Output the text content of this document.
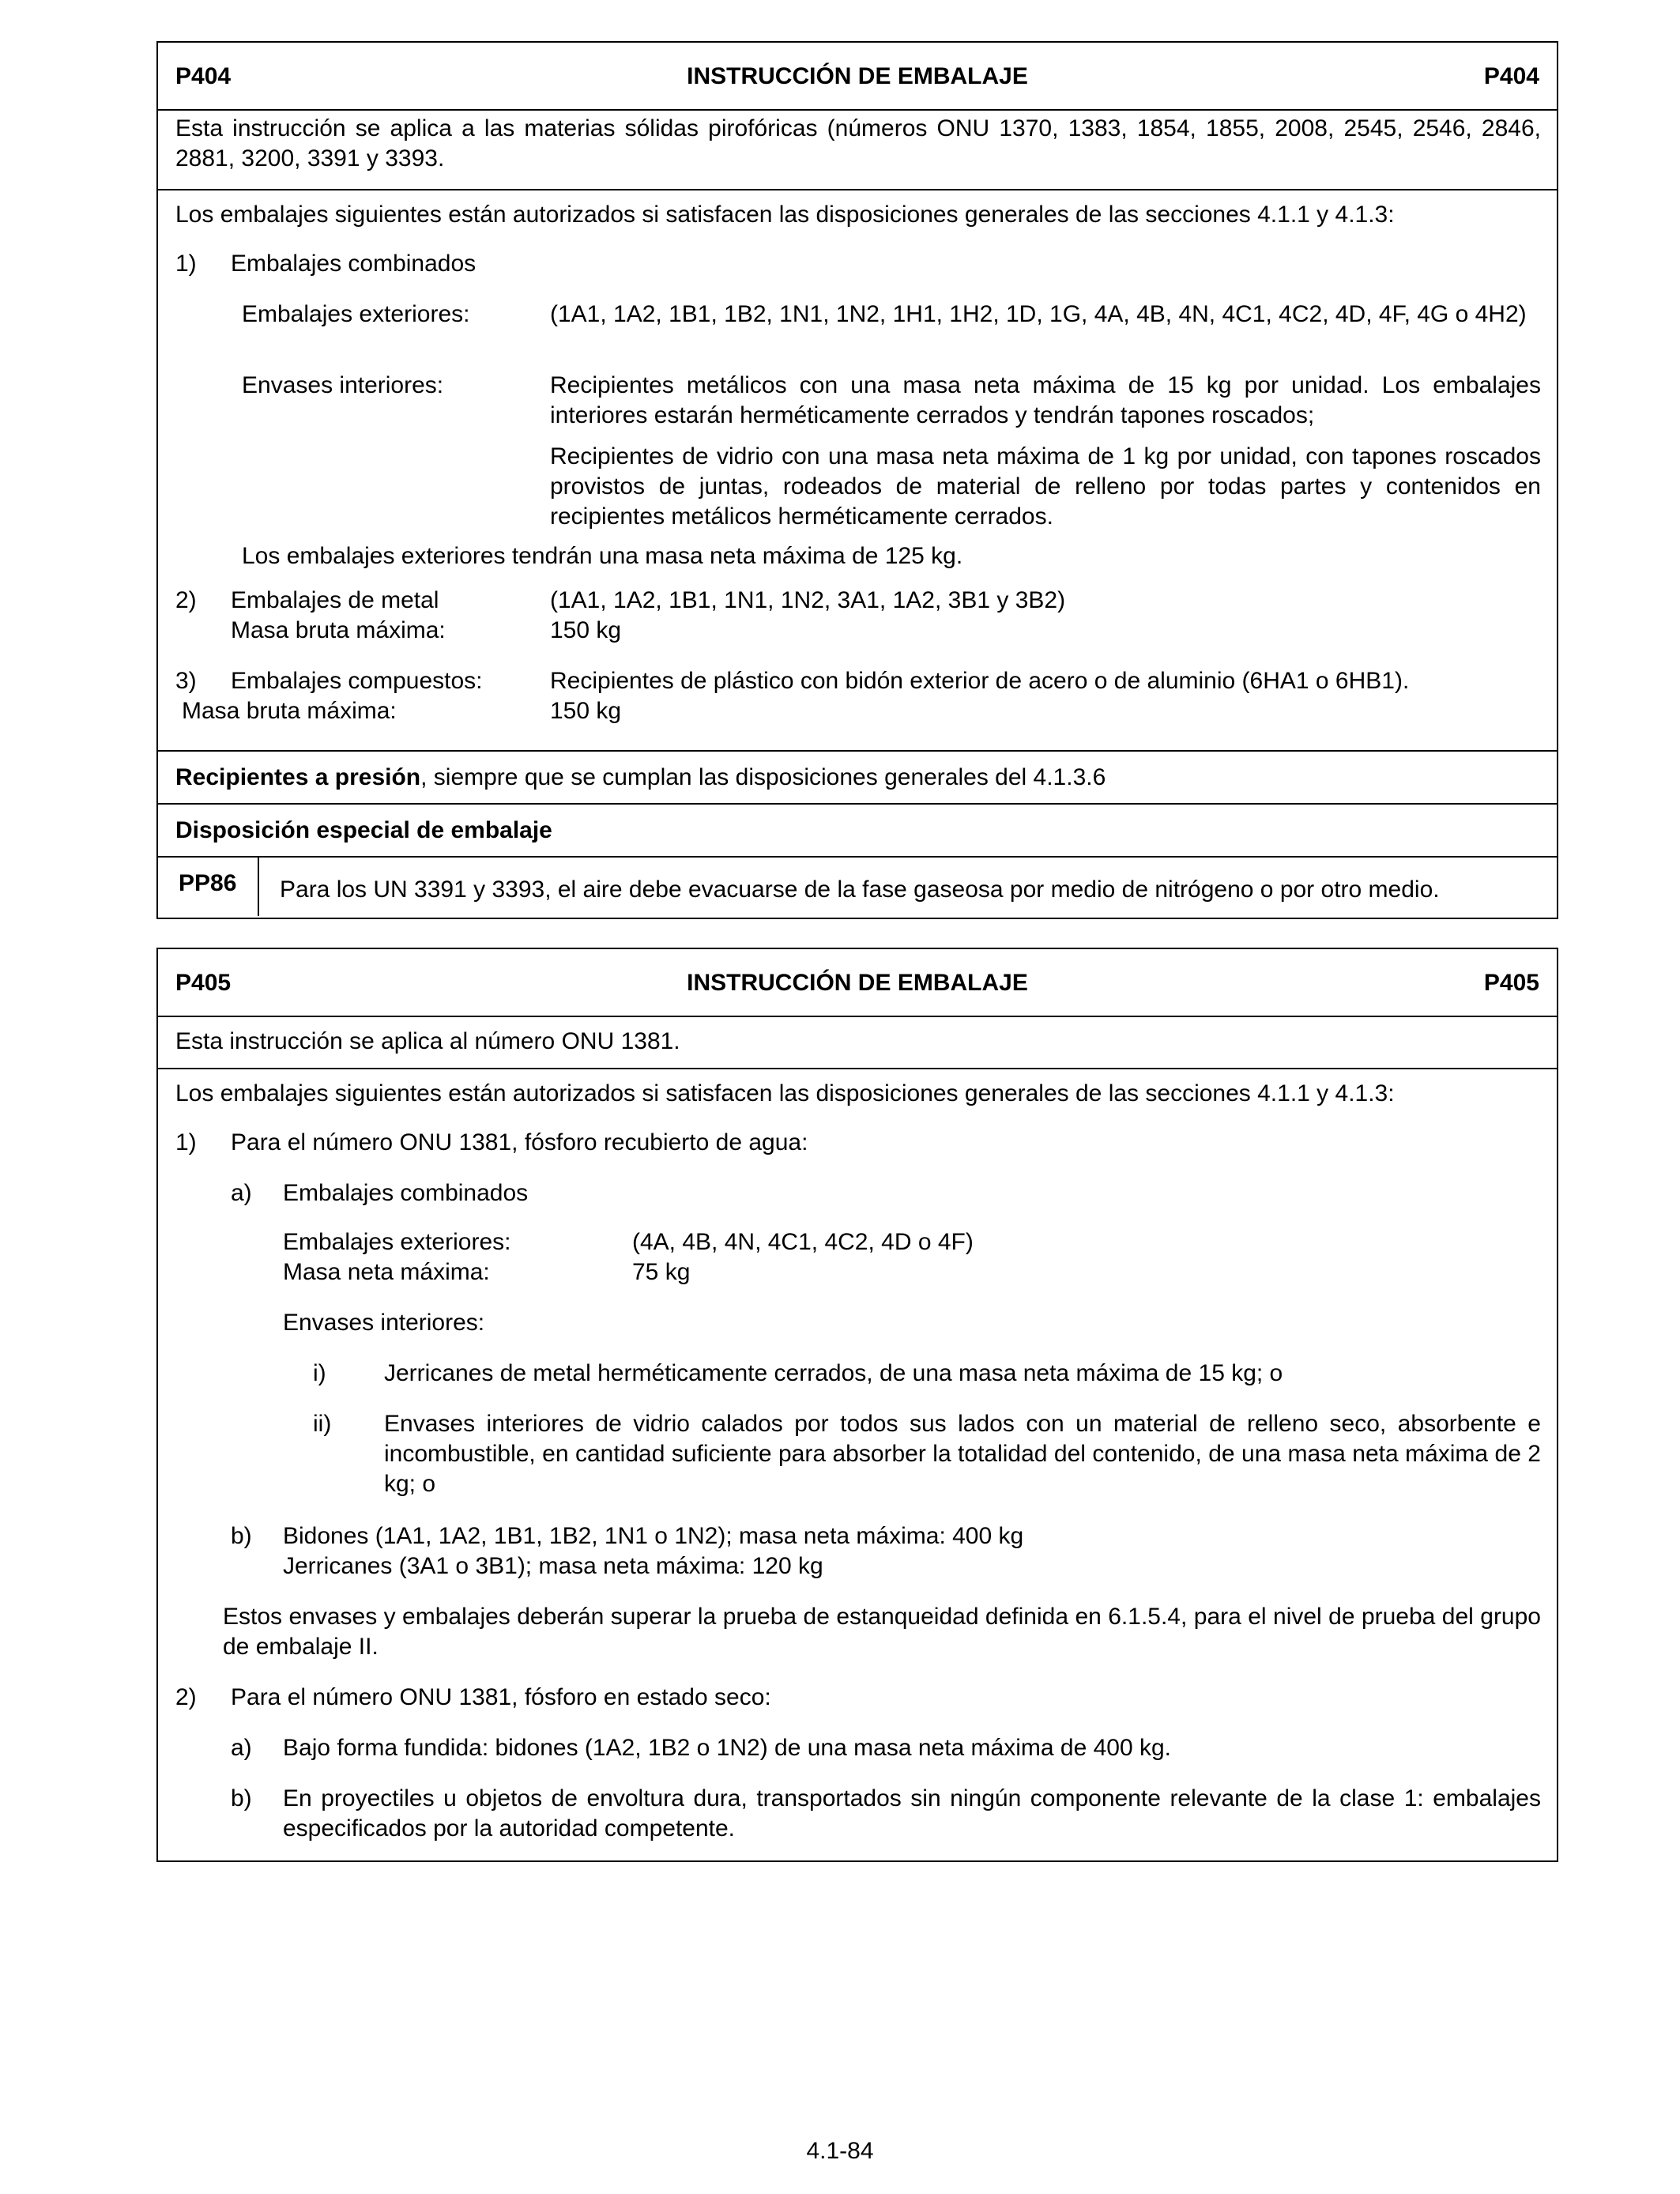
P404	INSTRUCCIÓN DE EMBALAJE	P404
Esta instrucción se aplica a las materias sólidas pirofóricas (números ONU 1370, 1383, 1854, 1855, 2008, 2545, 2546, 2846, 2881, 3200, 3391 y 3393.
Los embalajes siguientes están autorizados si satisfacen las disposiciones generales de las secciones 4.1.1 y 4.1.3:
1) Embalajes combinados
Embalajes exteriores:	(1A1, 1A2, 1B1, 1B2, 1N1, 1N2, 1H1, 1H2, 1D, 1G, 4A, 4B, 4N, 4C1, 4C2, 4D, 4F, 4G o 4H2)
Envases interiores:	Recipientes metálicos con una masa neta máxima de 15 kg por unidad. Los embalajes interiores estarán herméticamente cerrados y tendrán tapones roscados;
Recipientes de vidrio con una masa neta máxima de 1 kg por unidad, con tapones roscados provistos de juntas, rodeados de material de relleno por todas partes y contenidos en recipientes metálicos herméticamente cerrados.
Los embalajes exteriores tendrán una masa neta máxima de 125 kg.
2) Embalajes de metal	(1A1, 1A2, 1B1, 1N1, 1N2, 3A1, 1A2, 3B1 y 3B2)
Masa bruta máxima:	150 kg
3) Embalajes compuestos:	Recipientes de plástico con bidón exterior de acero o de aluminio (6HA1 o 6HB1).
Masa bruta máxima:	150 kg
Recipientes a presión, siempre que se cumplan las disposiciones generales del 4.1.3.6
Disposición especial de embalaje
PP86 Para los UN 3391 y 3393, el aire debe evacuarse de la fase gaseosa por medio de nitrógeno o por otro medio.
P405	INSTRUCCIÓN DE EMBALAJE	P405
Esta instrucción se aplica al número ONU 1381.
Los embalajes siguientes están autorizados si satisfacen las disposiciones generales de las secciones 4.1.1 y 4.1.3:
1) Para el número ONU 1381, fósforo recubierto de agua:
a) Embalajes combinados
Embalajes exteriores:	(4A, 4B, 4N, 4C1, 4C2, 4D o 4F)
Masa neta máxima:	75 kg
Envases interiores:
i) Jerricanes de metal herméticamente cerrados, de una masa neta máxima de 15 kg; o
ii) Envases interiores de vidrio calados por todos sus lados con un material de relleno seco, absorbente e incombustible, en cantidad suficiente para absorber la totalidad del contenido, de una masa neta máxima de 2 kg; o
b) Bidones (1A1, 1A2, 1B1, 1B2, 1N1 o 1N2); masa neta máxima: 400 kg
Jerricanes (3A1 o 3B1); masa neta máxima: 120 kg
Estos envases y embalajes deberán superar la prueba de estanqueidad definida en 6.1.5.4, para el nivel de prueba del grupo de embalaje II.
2) Para el número ONU 1381, fósforo en estado seco:
a) Bajo forma fundida: bidones (1A2, 1B2 o 1N2) de una masa neta máxima de 400 kg.
b) En proyectiles u objetos de envoltura dura, transportados sin ningún componente relevante de la clase 1: embalajes especificados por la autoridad competente.
4.1-84
